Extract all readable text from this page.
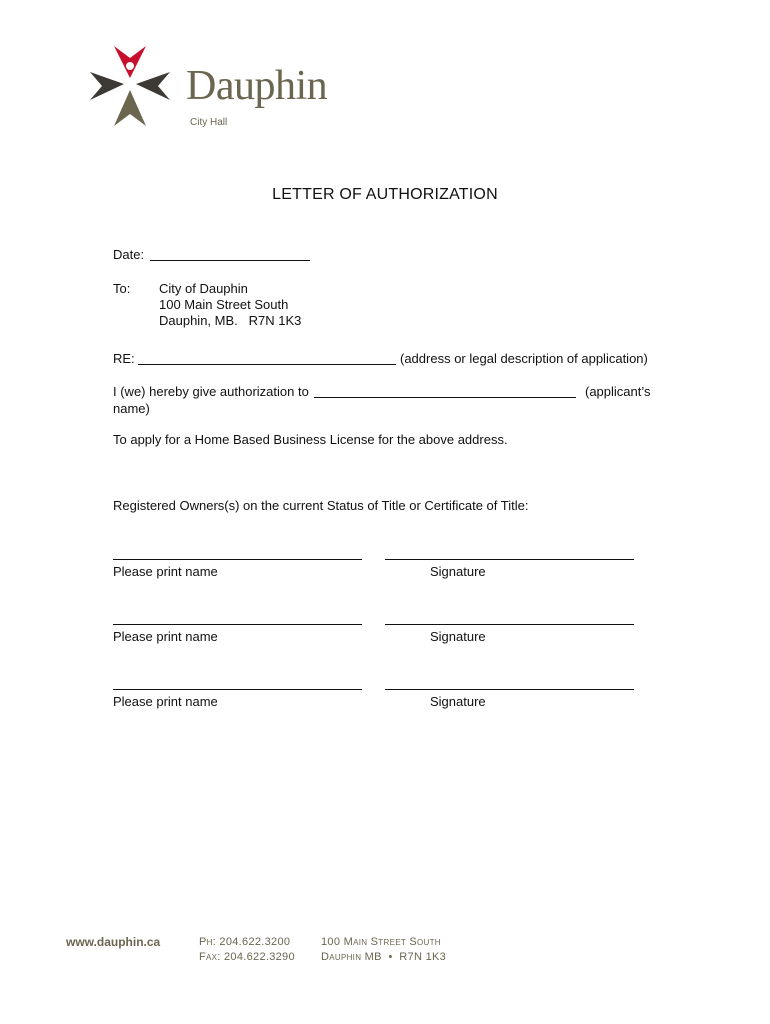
Dauphin
City Hall
LETTER OF AUTHORIZATION
Date:
To: City of Dauphin
100 Main Street South
Dauphin, MB.   R7N 1K3
RE:	(address or legal description of application)
I (we) hereby give authorization to	(applicant’s
name)
To apply for a Home Based Business License for the above address.
Registered Owners(s) on the current Status of Title or Certificate of Title:
Please print name	Signature
Please print name	Signature
Please print name	Signature
www.dauphin.ca	Ph: 204.622.3200
Fax: 204.622.3290
100 Main Street South
Dauphin MB  •  R7N 1K3
